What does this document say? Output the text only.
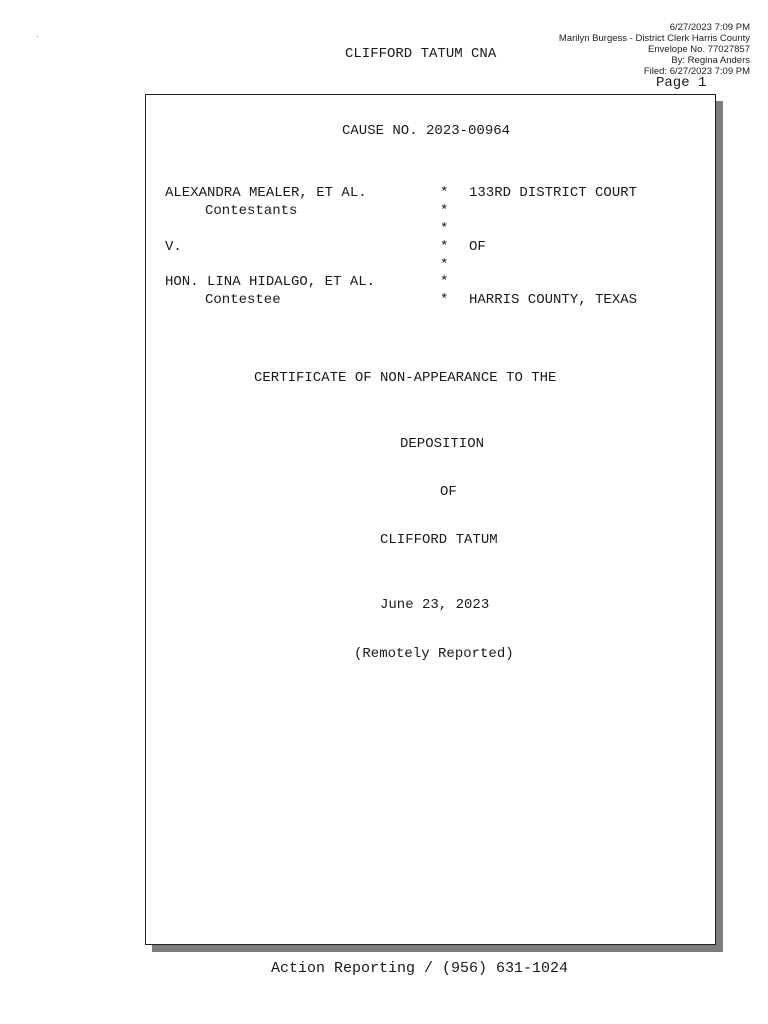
6/27/2023 7:09 PM
Marilyn Burgess - District Clerk Harris County
Envelope No. 77027857
By: Regina Anders
Filed: 6/27/2023 7:09 PM
CLIFFORD TATUM CNA
Page 1
CAUSE NO. 2023-00964
ALEXANDRA MEALER, ET AL.
Contestants
V.
HON. LINA HIDALGO, ET AL.
Contestee
*
*
*
*
*
*
*
133RD DISTRICT COURT
OF
HARRIS COUNTY, TEXAS
CERTIFICATE OF NON-APPEARANCE TO THE
DEPOSITION
OF
CLIFFORD TATUM
June 23, 2023
(Remotely Reported)
Action Reporting / (956) 631-1024
